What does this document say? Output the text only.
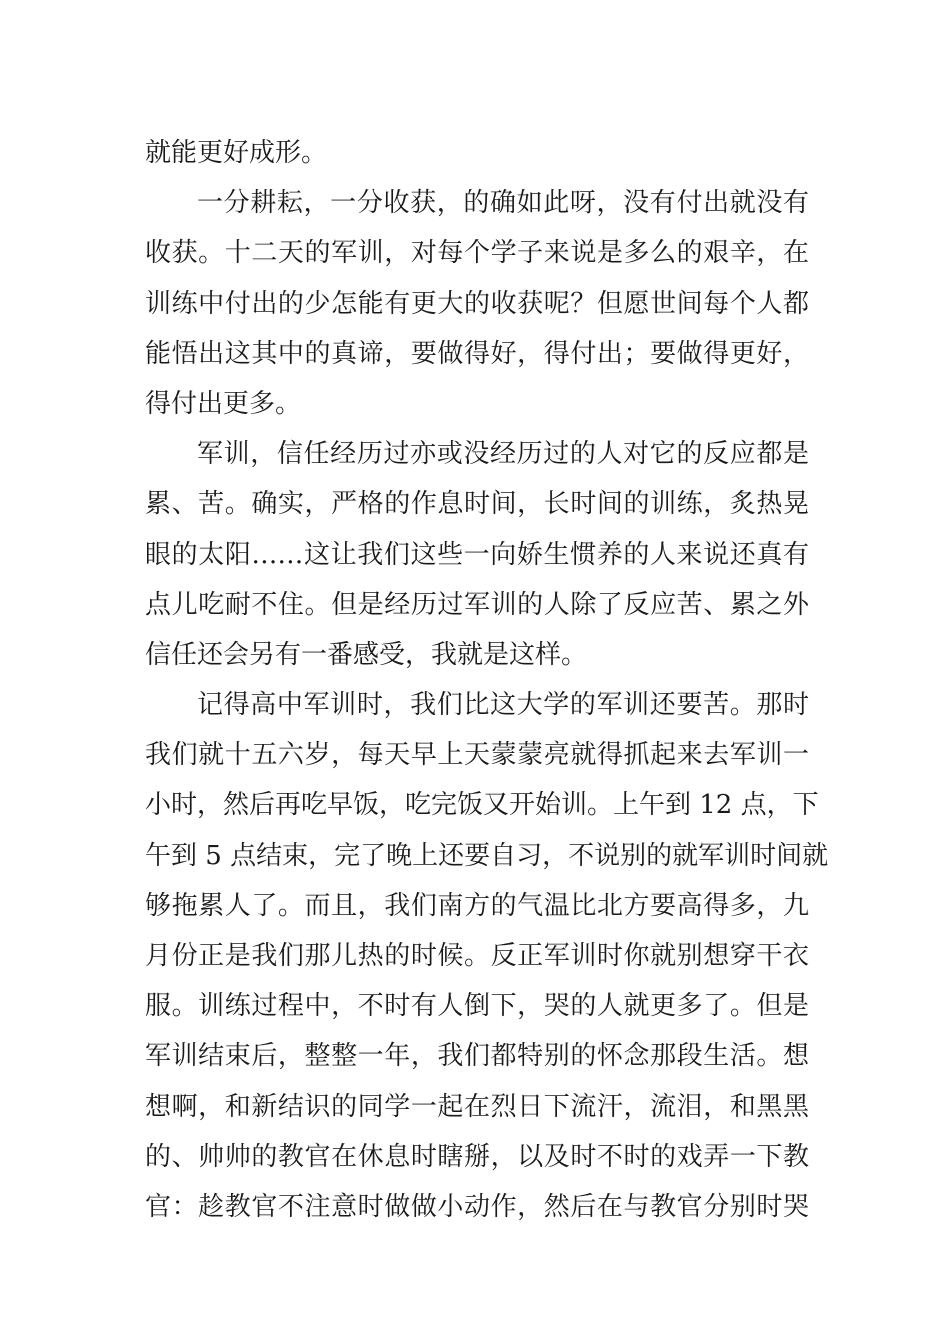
就能更好成形。
一分耕耘，一分收获，的确如此呀，没有付出就没有
收获。十二天的军训，对每个学子来说是多么的艰辛，在
训练中付出的少怎能有更大的收获呢？但愿世间每个人都
能悟出这其中的真谛，要做得好，得付出；要做得更好，
得付出更多。
军训，信任经历过亦或没经历过的人对它的反应都是
累、苦。确实，严格的作息时间，长时间的训练，炙热晃
眼的太阳……这让我们这些一向娇生惯养的人来说还真有
点儿吃耐不住。但是经历过军训的人除了反应苦、累之外
信任还会另有一番感受，我就是这样。
记得高中军训时，我们比这大学的军训还要苦。那时
我们就十五六岁，每天早上天蒙蒙亮就得抓起来去军训一
小时，然后再吃早饭，吃完饭又开始训。上午到 12 点，下
午到 5 点结束，完了晚上还要自习，不说别的就军训时间就
够拖累人了。而且，我们南方的气温比北方要高得多，九
月份正是我们那儿热的时候。反正军训时你就别想穿干衣
服。训练过程中，不时有人倒下，哭的人就更多了。但是
军训结束后，整整一年，我们都特别的怀念那段生活。想
想啊，和新结识的同学一起在烈日下流汗，流泪，和黑黑
的、帅帅的教官在休息时瞎掰，以及时不时的戏弄一下教
官：趁教官不注意时做做小动作，然后在与教官分别时哭
